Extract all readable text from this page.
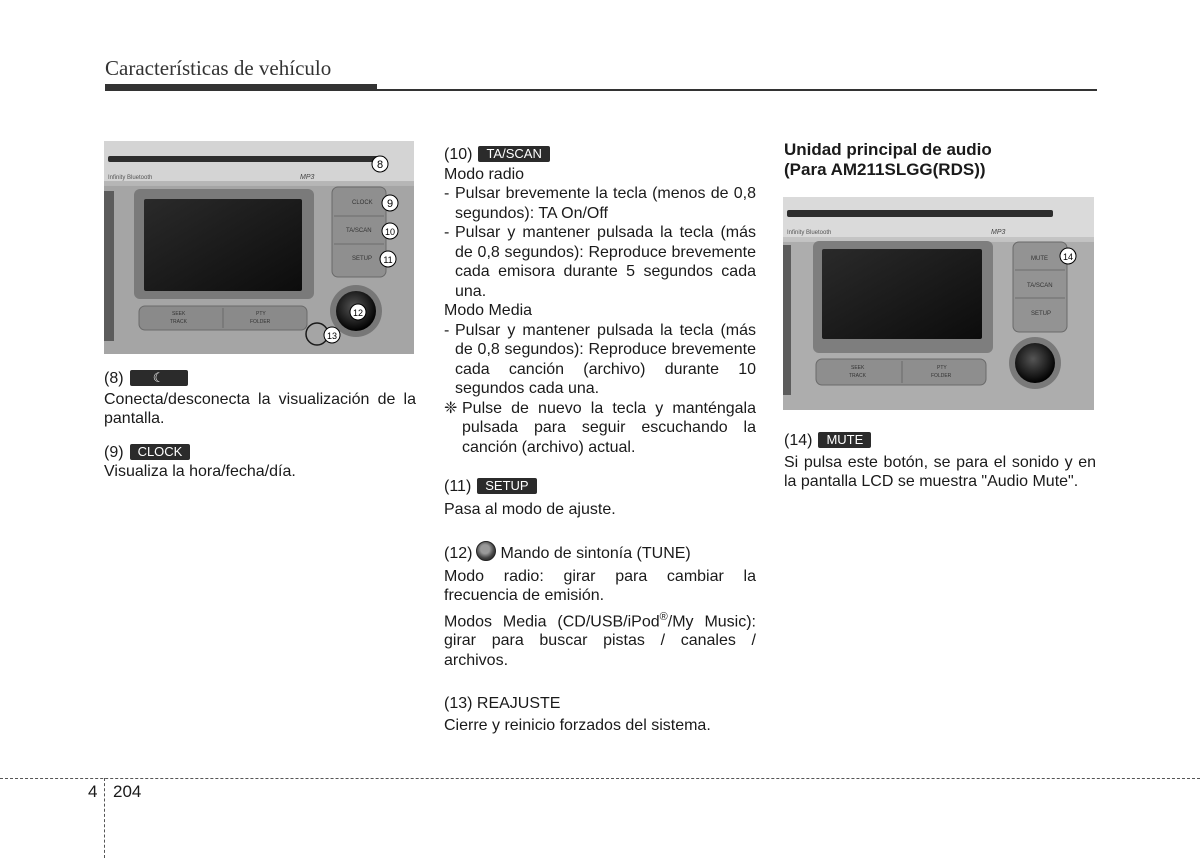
Características de vehículo
Infinity Bluetooth	MP3
CLOCK
TA/SCAN
SETUP
SEEK
TRACK
PTY
FOLDER
8
9
10
11
12
13
(8) ☾
Conecta/desconecta la visualización de la pantalla.
(9) CLOCK
Visualiza la hora/fecha/día.
(10) TA/SCAN
Modo radio
- Pulsar brevemente la tecla (menos de 0,8 segundos): TA On/Off
- Pulsar y mantener pulsada la tecla (más de 0,8 segundos): Reproduce brevemente cada emisora durante 5 segundos cada una.
Modo Media
- Pulsar y mantener pulsada la tecla (más de 0,8 segundos): Reproduce brevemente cada canción (archivo) durante 10 segundos cada una.
❈ Pulse de nuevo la tecla y manténgala pulsada para seguir escuchando la canción (archivo) actual.
(11) SETUP
Pasa al modo de ajuste.
(12) Mando de sintonía (TUNE)
Modo radio: girar para cambiar la frecuencia de emisión.
Modos Media (CD/USB/iPod®/My Music): girar para buscar pistas / canales / archivos.
(13) REAJUSTE
Cierre y reinicio forzados del sistema.
Unidad principal de audio
(Para AM211SLGG(RDS))
Infinity Bluetooth	MP3
MUTE
TA/SCAN
SETUP
SEEK
TRACK
PTY
FOLDER
14
(14) MUTE
Si pulsa este botón, se para el sonido y en la pantalla LCD se muestra "Audio Mute".
4 204
